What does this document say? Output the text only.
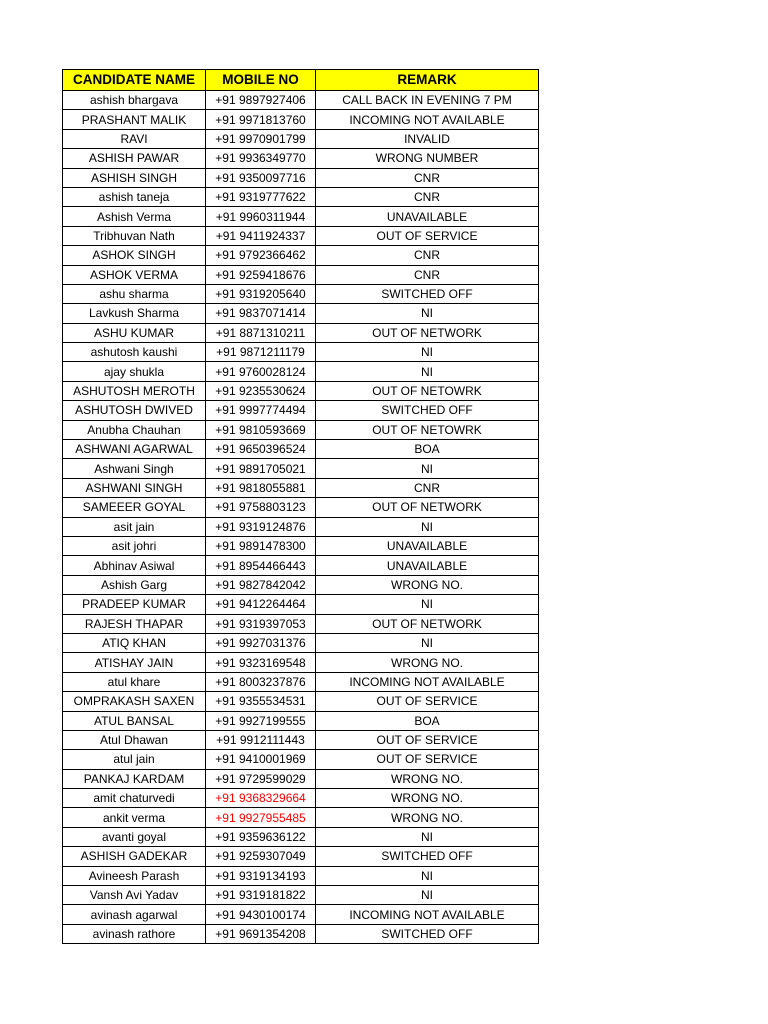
CANDIDATE NAME	MOBILE NO	REMARK
ashish bhargava	+91 9897927406	CALL BACK IN EVENING 7 PM
PRASHANT MALIK	+91 9971813760	INCOMING NOT AVAILABLE
RAVI	+91 9970901799	INVALID
ASHISH PAWAR	+91 9936349770	WRONG NUMBER
ASHISH SINGH	+91 9350097716	CNR
ashish taneja	+91 9319777622	CNR
Ashish Verma	+91 9960311944	UNAVAILABLE
Tribhuvan Nath	+91 9411924337	OUT OF SERVICE
ASHOK SINGH	+91 9792366462	CNR
ASHOK VERMA	+91 9259418676	CNR
ashu sharma	+91 9319205640	SWITCHED OFF
Lavkush Sharma	+91 9837071414	NI
ASHU KUMAR	+91 8871310211	OUT OF NETWORK
ashutosh kaushi	+91 9871211179	NI
ajay shukla	+91 9760028124	NI
ASHUTOSH MEROTH	+91 9235530624	OUT OF NETOWRK
ASHUTOSH DWIVED	+91 9997774494	SWITCHED OFF
Anubha Chauhan	+91 9810593669	OUT OF NETOWRK
ASHWANI AGARWAL	+91 9650396524	BOA
Ashwani Singh	+91 9891705021	NI
ASHWANI SINGH	+91 9818055881	CNR
SAMEEER GOYAL	+91 9758803123	OUT OF NETWORK
asit jain	+91 9319124876	NI
asit johri	+91 9891478300	UNAVAILABLE
Abhinav Asiwal	+91 8954466443	UNAVAILABLE
Ashish Garg	+91 9827842042	WRONG NO.
PRADEEP KUMAR	+91 9412264464	NI
RAJESH THAPAR	+91 9319397053	OUT OF NETWORK
ATIQ KHAN	+91 9927031376	NI
ATISHAY JAIN	+91 9323169548	WRONG NO.
atul khare	+91 8003237876	INCOMING NOT AVAILABLE
OMPRAKASH SAXEN	+91 9355534531	OUT OF SERVICE
ATUL BANSAL	+91 9927199555	BOA
Atul Dhawan	+91 9912111443	OUT OF SERVICE
atul jain	+91 9410001969	OUT OF SERVICE
PANKAJ KARDAM	+91 9729599029	WRONG NO.
amit chaturvedi	+91 9368329664	WRONG NO.
ankit verma	+91 9927955485	WRONG NO.
avanti goyal	+91 9359636122	NI
ASHISH GADEKAR	+91 9259307049	SWITCHED OFF
Avineesh Parash	+91 9319134193	NI
Vansh Avi Yadav	+91 9319181822	NI
avinash agarwal	+91 9430100174	INCOMING NOT AVAILABLE
avinash rathore	+91 9691354208	SWITCHED OFF
